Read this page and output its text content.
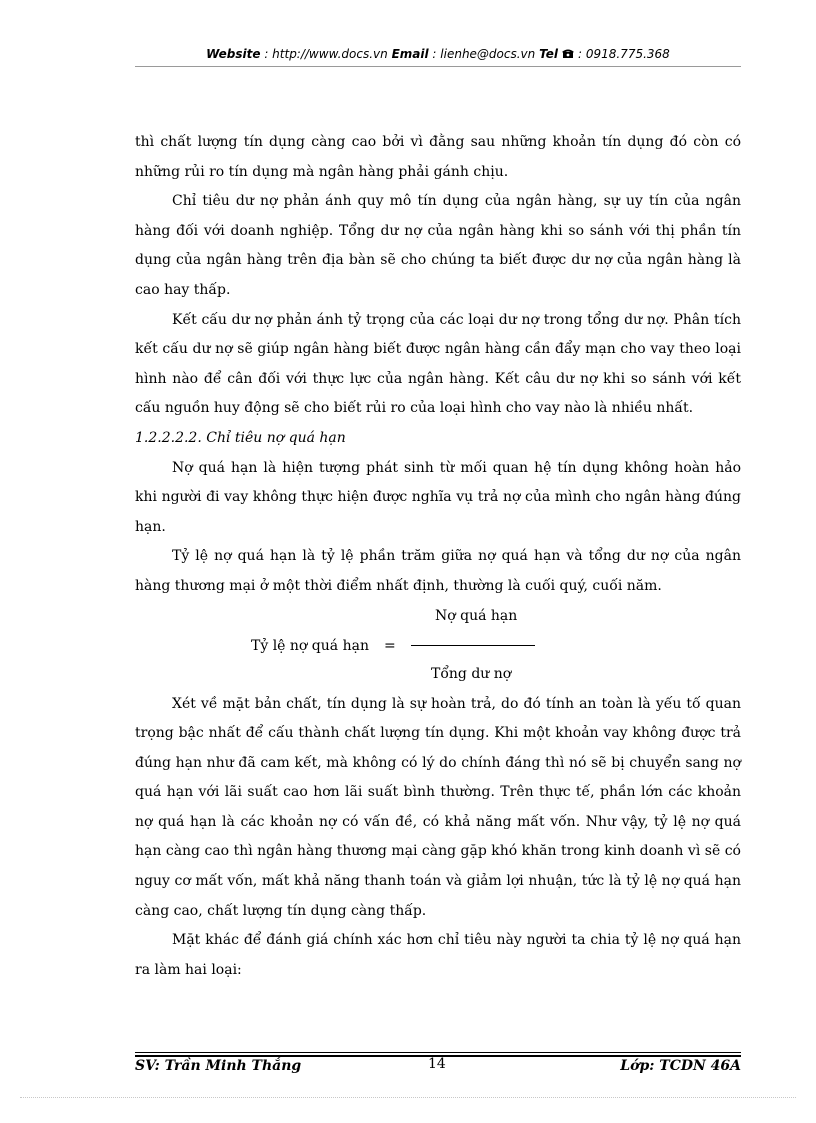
Website : http://www.docs.vn Email : lienhe@docs.vn Tel  : 0918.775.368

thì chất lượng tín dụng càng cao bởi vì đằng sau những khoản tín dụng đó còn có những rủi ro tín dụng mà ngân hàng phải gánh chịu.

Chỉ tiêu dư nợ phản ánh quy mô tín dụng của ngân hàng, sự uy tín của ngân hàng đối với doanh nghiệp. Tổng dư nợ của ngân hàng khi so sánh với thị phần tín dụng của ngân hàng trên địa bàn sẽ cho chúng ta biết được dư nợ của ngân hàng là cao hay thấp.

Kết cấu dư nợ phản ánh tỷ trọng của các loại dư nợ trong tổng dư nợ. Phân tích kết cấu dư nợ sẽ giúp ngân hàng biết được ngân hàng cần đẩy mạn cho vay theo loại hình nào để cân đối với thực lực của ngân hàng. Kết câu dư nợ khi so sánh với kết cấu nguồn huy động sẽ cho biết rủi ro của loại hình cho vay nào là nhiều nhất.

1.2.2.2.2. Chỉ tiêu nợ quá hạn

Nợ quá hạn là hiện tượng phát sinh từ mối quan hệ tín dụng không hoàn hảo khi người đi vay không thực hiện được nghĩa vụ trả nợ của mình cho ngân hàng đúng hạn.

Tỷ lệ nợ quá hạn là tỷ lệ phần trăm giữa nợ quá hạn và tổng dư nợ của ngân hàng thương mại ở một thời điểm nhất định, thường là cuối quý, cuối năm.

Tỷ lệ nợ quá hạn =
Nợ quá hạn
Tổng dư nợ

Xét về mặt bản chất, tín dụng là sự hoàn trả, do đó tính an toàn là yếu tố quan trọng bậc nhất để cấu thành chất lượng tín dụng. Khi một khoản vay không được trả đúng hạn như đã cam kết, mà không có lý do chính đáng thì nó sẽ bị chuyển sang nợ quá hạn với lãi suất cao hơn lãi suất bình thường. Trên thực tế, phần lớn các khoản nợ quá hạn là các khoản nợ có vấn đề, có khả năng mất vốn. Như vậy, tỷ lệ nợ quá hạn càng cao thì ngân hàng thương mại càng gặp khó khăn trong kinh doanh vì sẽ có nguy cơ mất vốn, mất khả năng thanh toán và giảm lợi nhuận, tức là tỷ lệ nợ quá hạn càng cao, chất lượng tín dụng càng thấp.

Mặt khác để đánh giá chính xác hơn chỉ tiêu này người ta chia tỷ lệ nợ quá hạn ra làm hai loại:

SV: Trần Minh Thắng	14	Lớp: TCDN 46A
